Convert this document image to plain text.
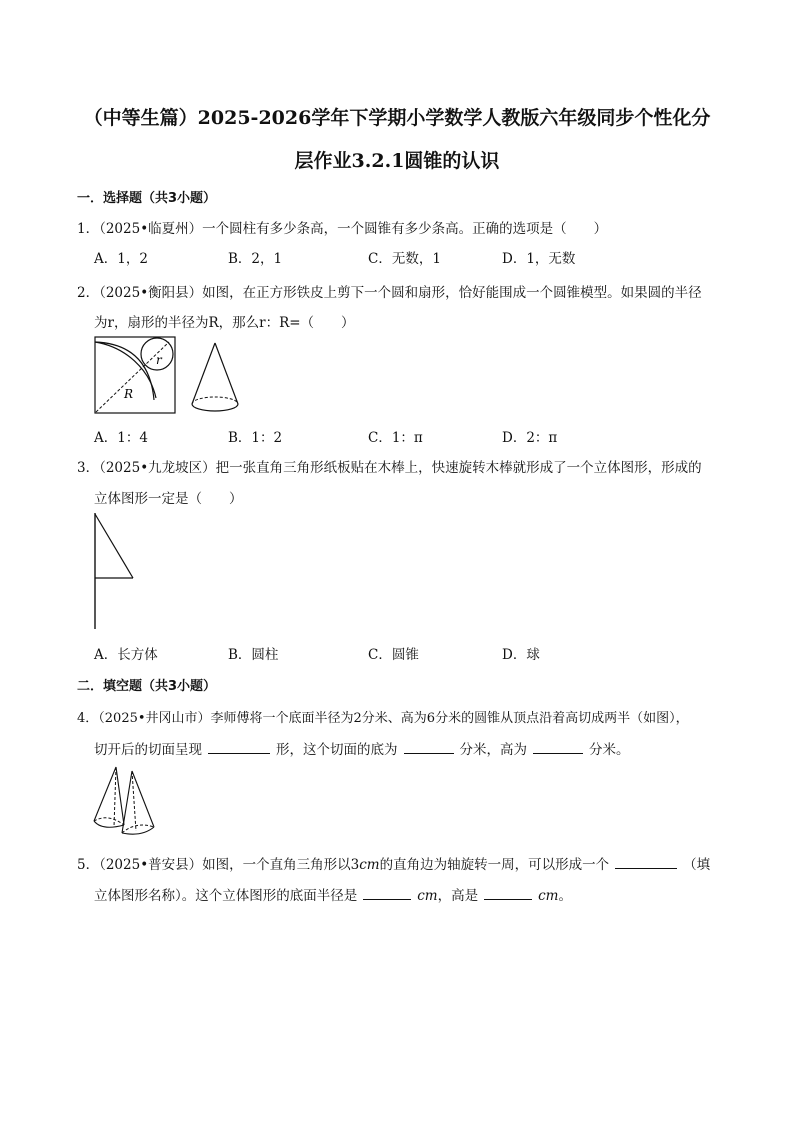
（中等生篇）2025-2026学年下学期小学数学人教版六年级同步个性化分
层作业3.2.1圆锥的认识
一．选择题（共3小题）
1．（2025•临夏州）一个圆柱有多少条高，一个圆锥有多少条高。正确的选项是（　　）
A．1，2	B．2，1	C．无数，1	D．1，无数
2．（2025•衡阳县）如图，在正方形铁皮上剪下一个圆和扇形，恰好能围成一个圆锥模型。如果圆的半径
为r，扇形的半径为R，那么r：R=（　　）
r
R
A．1：4	B．1：2	C．1：π	D．2：π
3．（2025•九龙坡区）把一张直角三角形纸板贴在木棒上，快速旋转木棒就形成了一个立体图形，形成的
立体图形一定是（　　）
A．长方体	B．圆柱	C．圆锥	D．球
二．填空题（共3小题）
4．（2025•井冈山市）李师傅将一个底面半径为2分米、高为6分米的圆锥从顶点沿着高切成两半（如图），
切开后的切面呈现	形，这个切面的底为	分米，高为	分米。
5．（2025•普安县）如图，一个直角三角形以3cm的直角边为轴旋转一周，可以形成一个	（填
立体图形名称）。这个立体图形的底面半径是	cm，高是	cm。
